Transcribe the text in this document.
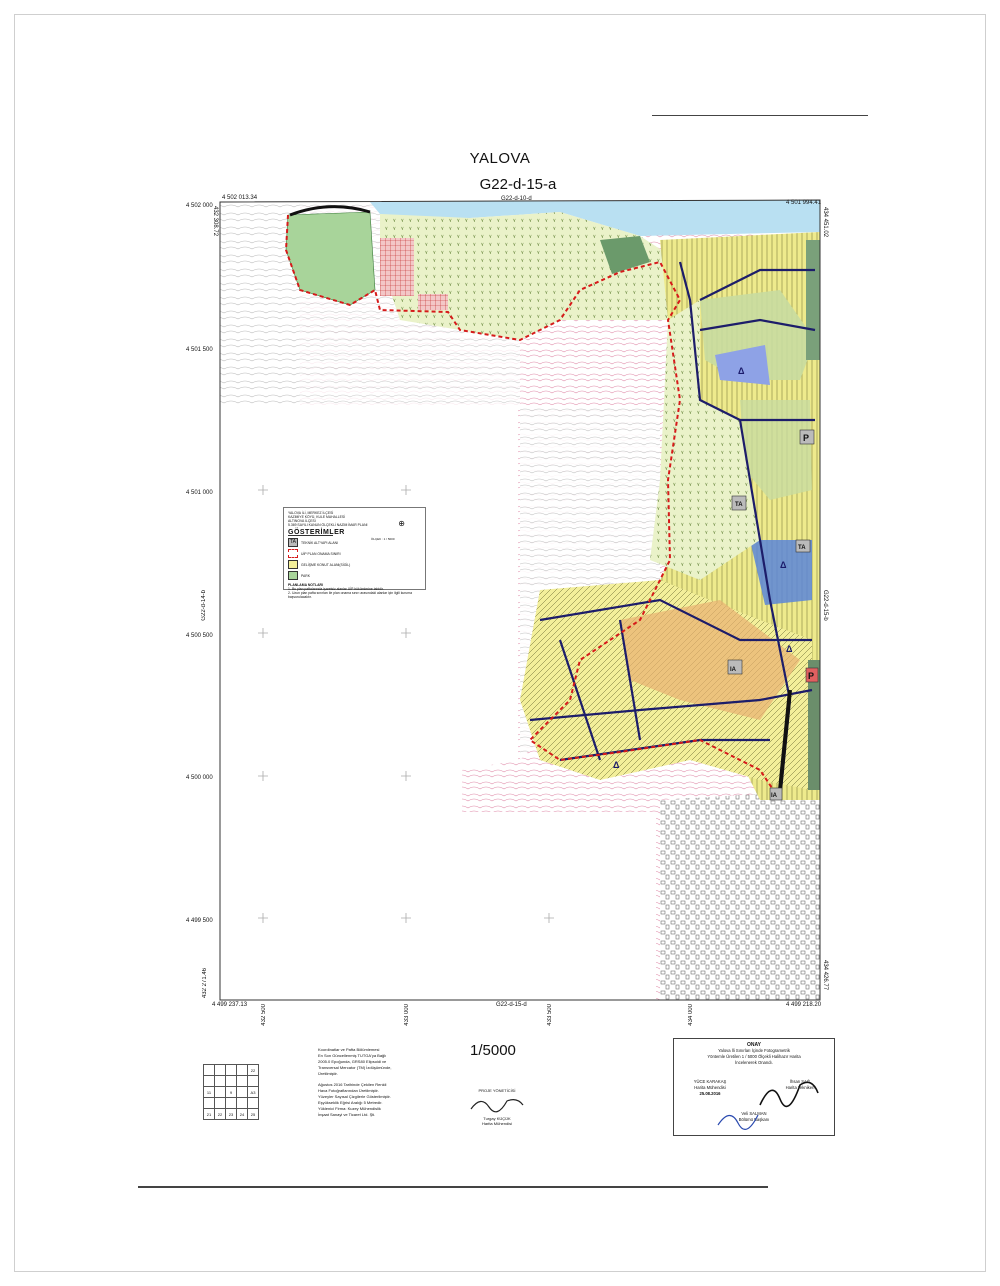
YALOVA
G22-d-15-a
TA
TA
P
P
IA
IA
Δ
Δ
Δ
Δ
G22-d-10-d
G22-d-15-d
G22-d-14-b	G22-d-15-b
4 502 013.34
4 502 000 432 308.72
4 501 994.41
434 451.02
4 499 237.13
432 271.46
4 499 218.20
434 426.77
4 501 500
4 501 000
4 500 500
4 500 000
4 499 500
432 500	433 000	433 500	434 000
YALOVA İLİ, MERKEZ İLÇESİ
KAZIMİYE KÖYÜ, KULE MAHALLESİ
ALTINOVA İLÇESİ
5.369 SAYILI KANUN ÖLÇEKLİ NAZIM İMAR PLANI
GÖSTERİMLER
⊕
ÖLÇEK : 1 / 5000
TA	TEKNİK ALTYAPI ALANI
UİP PLAN ONAMA SINIRI
GELİŞME KONUT ALANI(SİGİL)
PARK
PLANLAMA NOTLARI
1- Bu plan paftalarında işaretsiz alanlar UİP hükümlerine tabidir.
2- Uzun plan pafta sınırları ile plan onama sınırı arasındaki alanlar için ilgili kuruma başvurulacaktır.
1/5000
				22

11		9		A3

21	22	23	24	25
Koordinatlar ve Pafta Bölümlemesi
En Son Güncellenmiş TUTGA'ya Bağlı
2005.0 Epoğunda, GRS80 Elipsoidi ve
Transversal Mercator (TM) İzdüşümünde,
Üretilmiştir.
Ağustos 2016 Tarihinde Çekilen Renkli
Hava Fotoğraflarından Üretilmiştir.
Yüzeyler Sayısal Çizgilerle Gösterilmiştir.
Eşyükseklik Eğrisi Aralığı 5 Metredir.
Yüklenici Firma: Kuzey Mühendislik
İnşaat Sanayi ve Ticaret Ltd. Şti.
PROJE YÖNETİCİSİ
Turgay KÜÇÜK
Harita Mühendisi
ONAY
Yalova İli Sınırları İçinde Fotogrametrik
Yöntemle Üretilen 1 / 5000 Ölçekli Halihazır Harita
İncelenerek Onandı.
YÜCE KARAKAŞ
Harita Mühendisi
25.08.2016
İhsan SAĞ
Harita Teknikeri
Veli SALMAN
Bölümü Başkanı
